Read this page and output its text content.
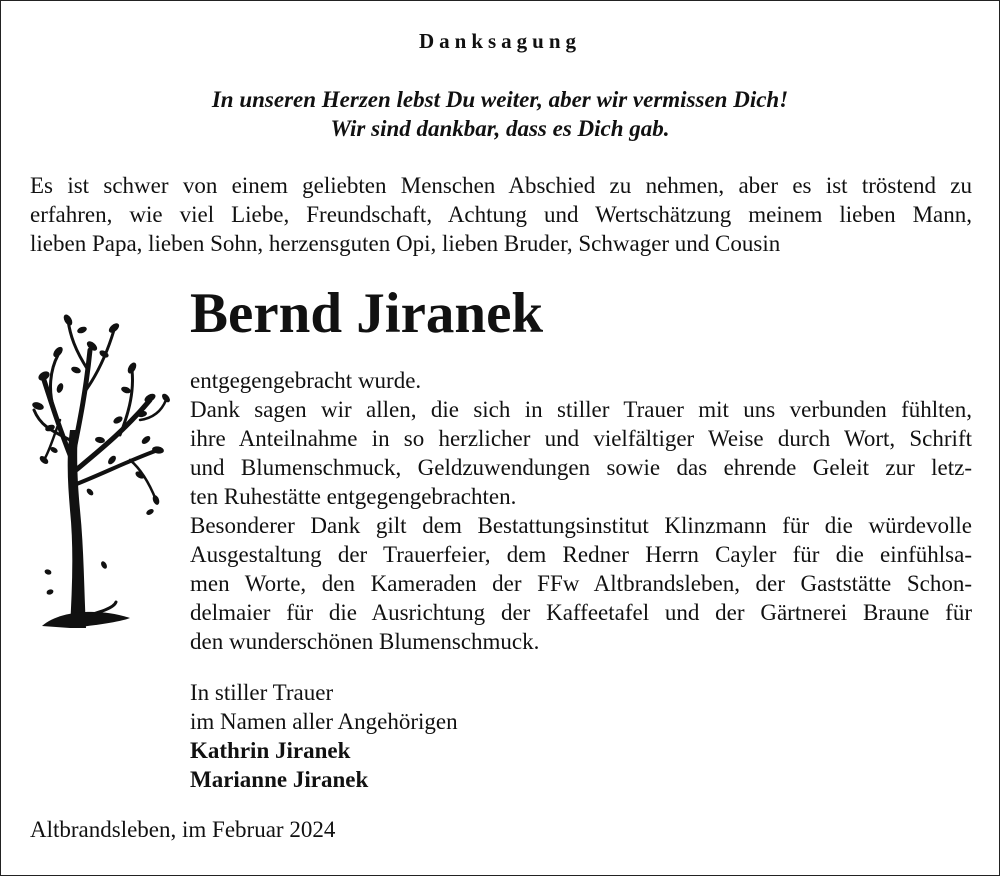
Danksagung
In unseren Herzen lebst Du weiter, aber wir vermissen Dich!
Wir sind dankbar, dass es Dich gab.
Es ist schwer von einem geliebten Menschen Abschied zu nehmen, aber es ist tröstend zu
erfahren, wie viel Liebe, Freundschaft, Achtung und Wertschätzung meinem lieben Mann,
lieben Papa, lieben Sohn, herzensguten Opi, lieben Bruder, Schwager und Cousin
Bernd Jiranek
entgegengebracht wurde.
Dank sagen wir allen, die sich in stiller Trauer mit uns verbunden fühlten,
ihre Anteilnahme in so herzlicher und vielfältiger Weise durch Wort, Schrift
und Blumenschmuck, Geldzuwendungen sowie das ehrende Geleit zur letz-
ten Ruhestätte entgegengebrachten.
Besonderer Dank gilt dem Bestattungsinstitut Klinzmann für die würdevolle
Ausgestaltung der Trauerfeier, dem Redner Herrn Cayler für die einfühlsa-
men Worte, den Kameraden der FFw Altbrandsleben, der Gaststätte Schon-
delmaier für die Ausrichtung der Kaffeetafel und der Gärtnerei Braune für
den wunderschönen Blumenschmuck.
In stiller Trauer
im Namen aller Angehörigen
Kathrin Jiranek
Marianne Jiranek
Altbrandsleben, im Februar 2024
